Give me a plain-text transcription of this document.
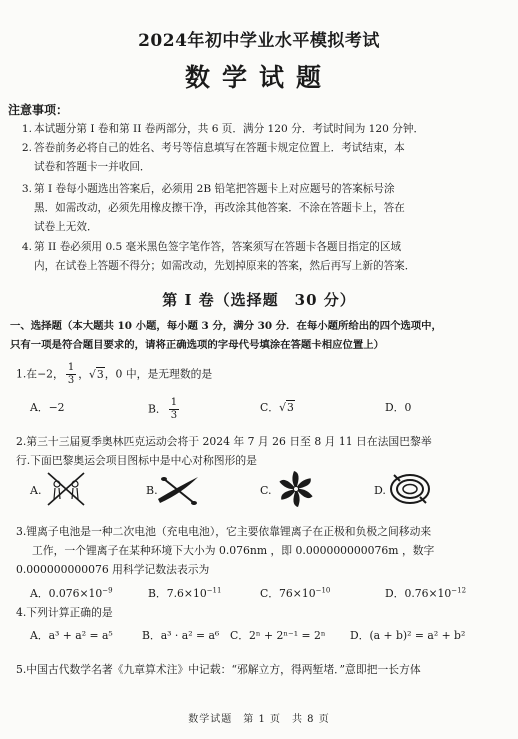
2024年初中学业水平模拟考试
数学试题
注意事项：
1. 本试题分第 I 卷和第 II 卷两部分，共 6 页．满分 120 分．考试时间为 120 分钟．
2. 答卷前务必将自己的姓名、考号等信息填写在答题卡规定位置上．考试结束，本
试卷和答题卡一并收回．
3. 第 I 卷每小题选出答案后，必须用 2B 铅笔把答题卡上对应题号的答案标号涂
黑．如需改动，必须先用橡皮擦干净，再改涂其他答案．不涂在答题卡上，答在
试卷上无效．
4. 第 II 卷必须用 0.5 毫米黑色签字笔作答，答案须写在答题卡各题目指定的区域
内，在试卷上答题不得分；如需改动，先划掉原来的答案，然后再写上新的答案．
第 I 卷（选择题　30 分）
一、选择题（本大题共 10 小题，每小题 3 分，满分 30 分．在每小题所给出的四个选项中，
只有一项是符合题目要求的，请将正确选项的字母代号填涂在答题卡相应位置上）
1.在−2， $\frac{1}{3}$ ，√3，0 中，是无理数的是
A．−2	B． $\frac{1}{3}$	C．√3	D．0
2.第三十三届夏季奥林匹克运动会将于 2024 年 7 月 26 日至 8 月 11 日在法国巴黎举
行.下面巴黎奥运会项目图标中是中心对称图形的是
A.	B.	C.	D.
3.锂离子电池是一种二次电池（充电电池），它主要依靠锂离子在正极和负极之间移动来
工作，一个锂离子在某种环境下大小为 0.076nm ，即 0.000000000076m ，数字
0.000000000076 用科学记数法表示为
A．$0.076\times 10^{-9}$	B．$7.6\times 10^{-11}$	C．$76\times 10^{-10}$	D．$0.76\times 10^{-12}$
4.下列计算正确的是
A．a³ + a² = a⁵	B．a³ · a² = a⁶ C．2ⁿ + 2ⁿ⁻¹ = 2ⁿ D．(a + b)² = a² + b²
5.中国古代数学名著《九章算术注》中记载：“邪解立方，得两堑堵．”意即把一长方体
数学试题　第 1 页　共 8 页
